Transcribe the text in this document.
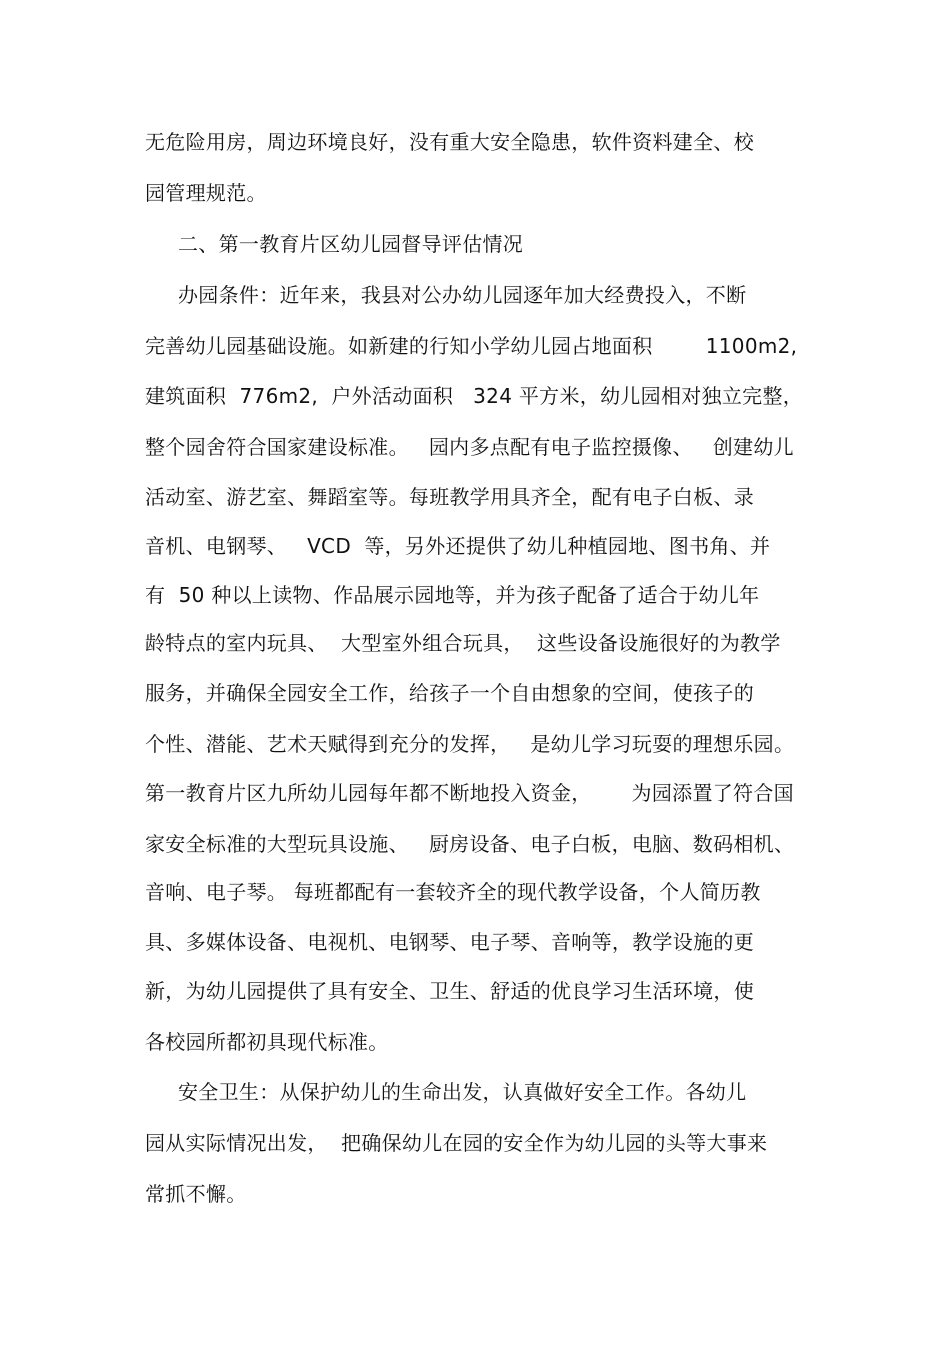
无危险用房，周边环境良好，没有重大安全隐患，软件资料建全、校
园管理规范。
二、第一教育片区幼儿园督导评估情况
办园条件：近年来，我县对公办幼儿园逐年加大经费投入，不断
完善幼儿园基础设施。如新建的行知小学幼儿园占地面积        1100m2,
建筑面积  776m2,  户外活动面积   324 平方米，幼儿园相对独立完整，
整个园舍符合国家建设标准。   园内多点配有电子监控摄像、   创建幼儿
活动室、游艺室、舞蹈室等。每班教学用具齐全，配有电子白板、录
音机、电钢琴、   VCD  等，另外还提供了幼儿种植园地、图书角、并
有  50 种以上读物、作品展示园地等，并为孩子配备了适合于幼儿年
龄特点的室内玩具、  大型室外组合玩具，  这些设备设施很好的为教学
服务，并确保全园安全工作，给孩子一个自由想象的空间，使孩子的
个性、潜能、艺术天赋得到充分的发挥，   是幼儿学习玩耍的理想乐园。
第一教育片区九所幼儿园每年都不断地投入资金，      为园添置了符合国
家安全标准的大型玩具设施、   厨房设备、电子白板，电脑、数码相机、
音响、电子琴。 每班都配有一套较齐全的现代教学设备，个人简历教
具、多媒体设备、电视机、电钢琴、电子琴、音响等，教学设施的更
新，为幼儿园提供了具有安全、卫生、舒适的优良学习生活环境，使
各校园所都初具现代标准。
安全卫生：从保护幼儿的生命出发，认真做好安全工作。各幼儿
园从实际情况出发，  把确保幼儿在园的安全作为幼儿园的头等大事来
常抓不懈。
